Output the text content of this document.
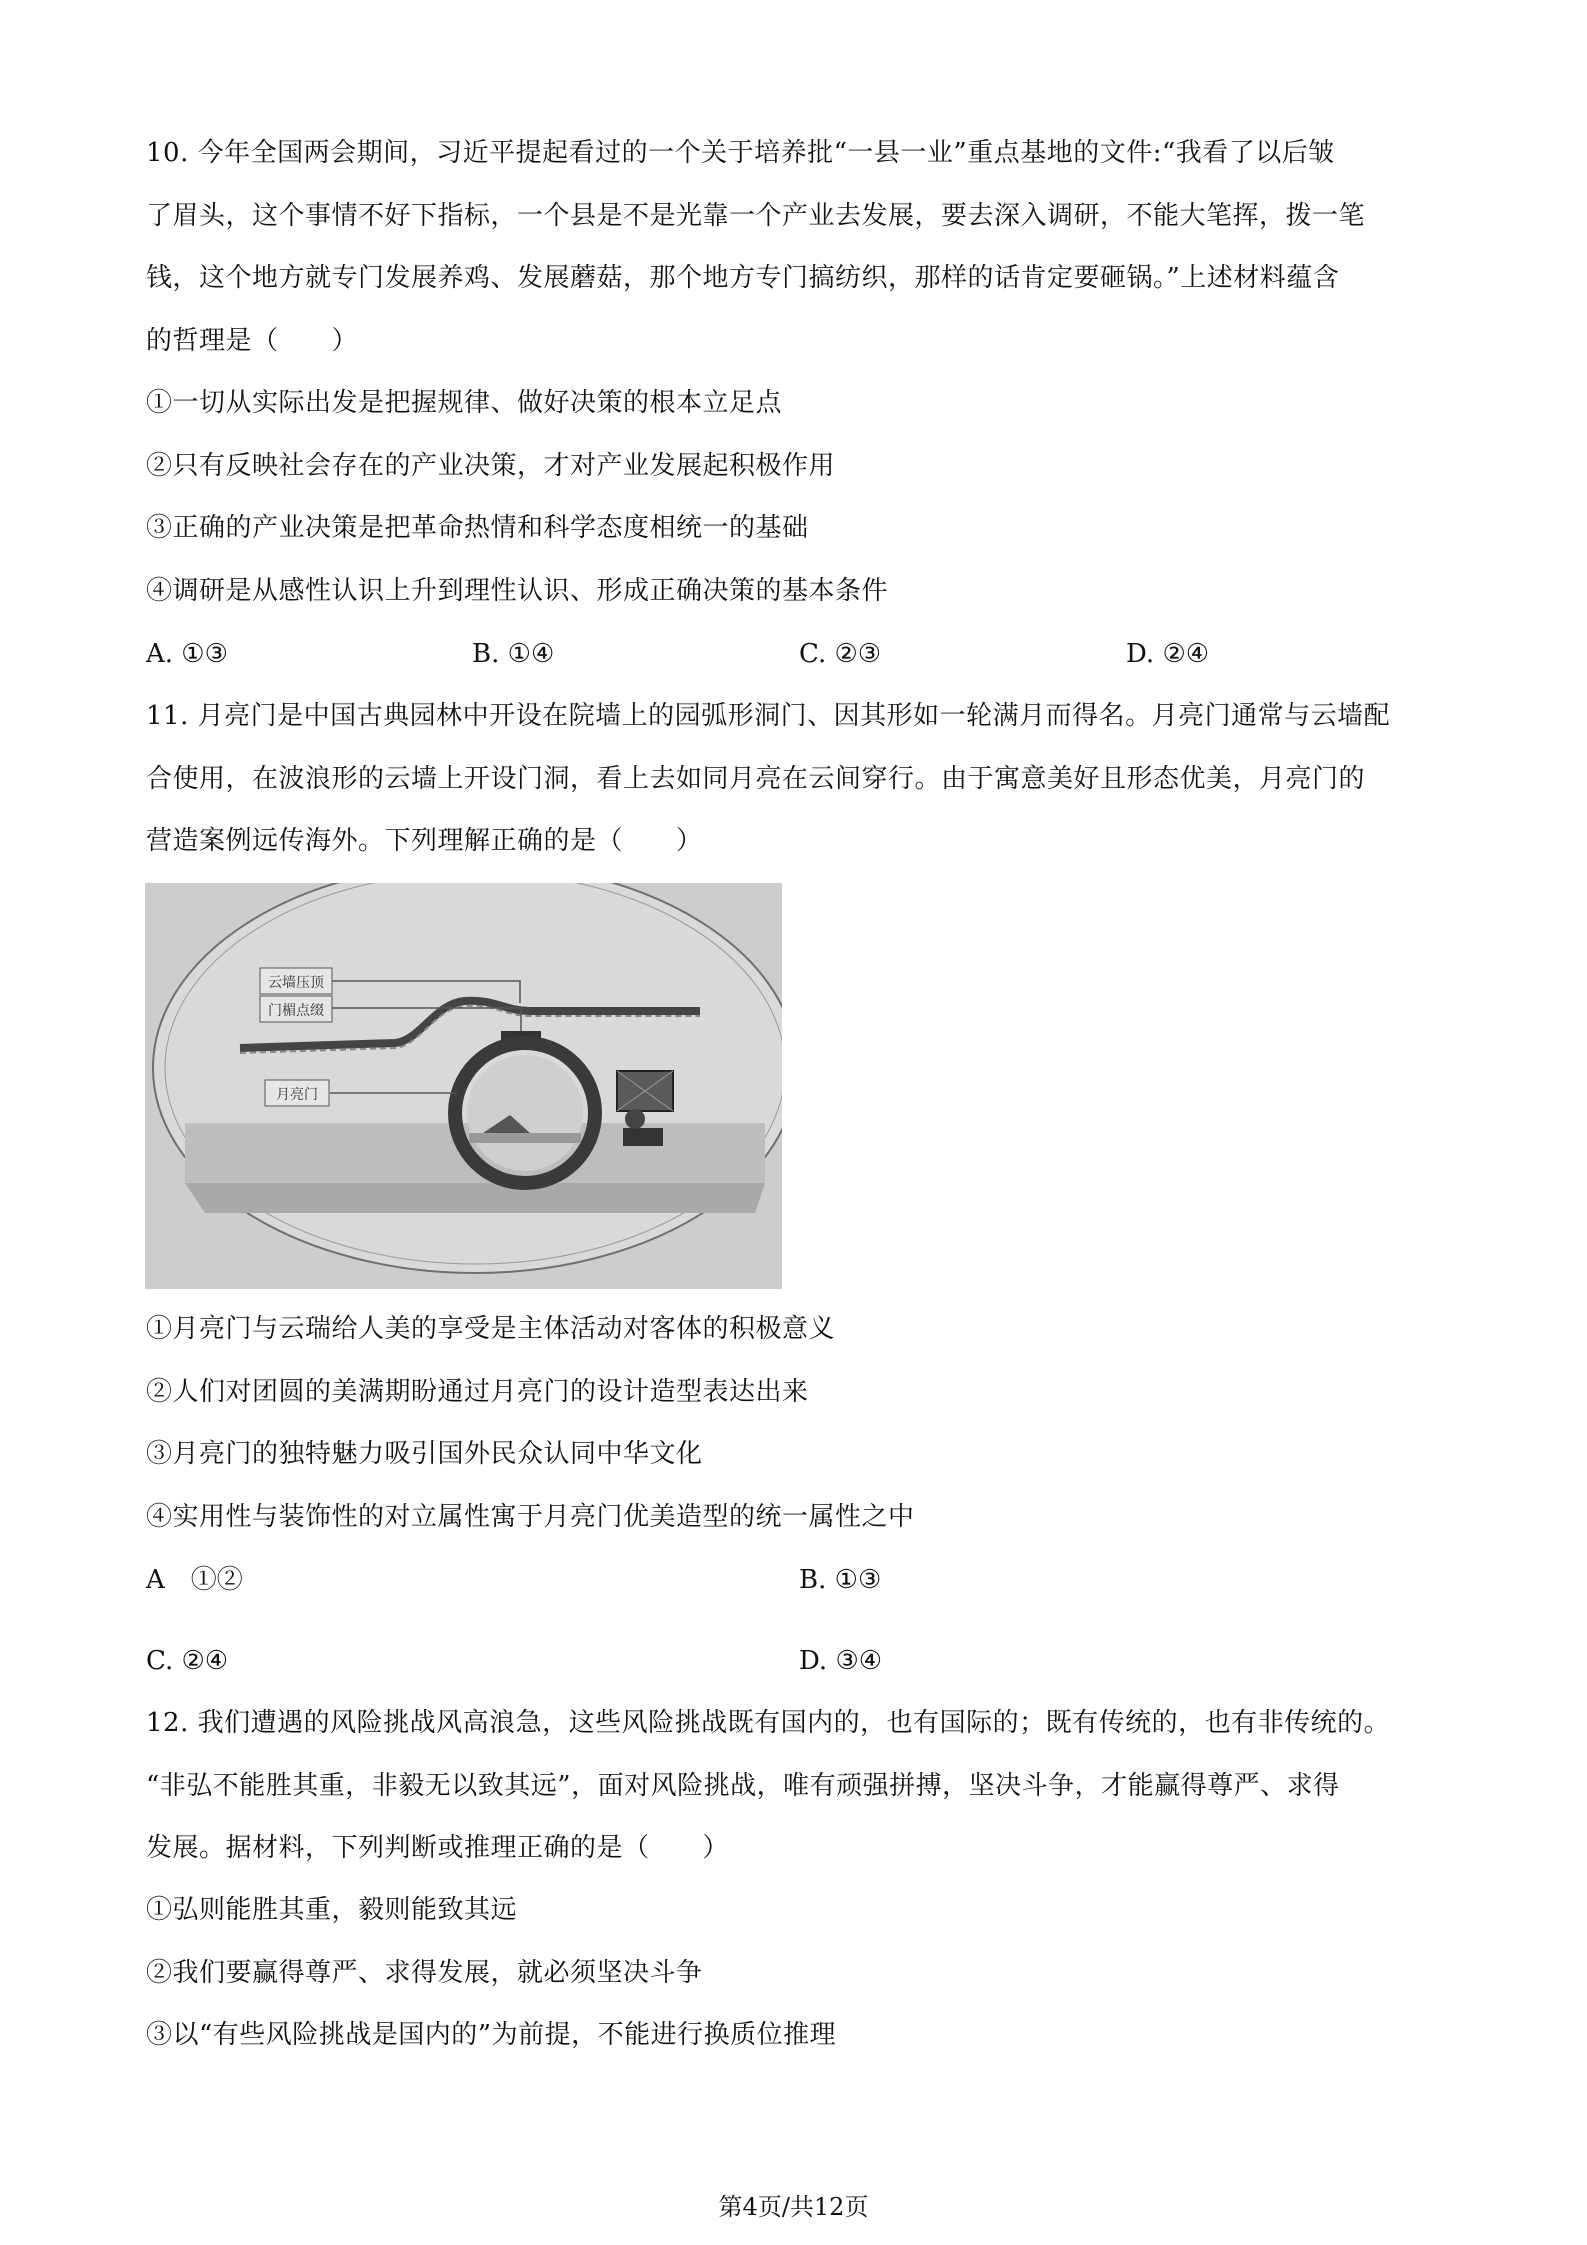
10. 今年全国两会期间，习近平提起看过的一个关于培养批“一县一业”重点基地的文件:“我看了以后皱
了眉头，这个事情不好下指标，一个县是不是光靠一个产业去发展，要去深入调研，不能大笔挥，拨一笔
钱，这个地方就专门发展养鸡、发展蘑菇，那个地方专门搞纺织，那样的话肯定要砸锅。”上述材料蕴含
的哲理是（　　）
①一切从实际出发是把握规律、做好决策的根本立足点
②只有反映社会存在的产业决策，才对产业发展起积极作用
③正确的产业决策是把革命热情和科学态度相统一的基础
④调研是从感性认识上升到理性认识、形成正确决策的基本条件
A. ①③	B. ①④	C. ②③	D. ②④
11. 月亮门是中国古典园林中开设在院墙上的园弧形洞门、因其形如一轮满月而得名。月亮门通常与云墙配
合使用，在波浪形的云墙上开设门洞，看上去如同月亮在云间穿行。由于寓意美好且形态优美，月亮门的
营造案例远传海外。下列理解正确的是（　　）
云墙压顶
门楣点缀
月亮门
①月亮门与云瑞给人美的享受是主体活动对客体的积极意义
②人们对团圆的美满期盼通过月亮门的设计造型表达出来
③月亮门的独特魅力吸引国外民众认同中华文化
④实用性与装饰性的对立属性寓于月亮门优美造型的统一属性之中
A　①②	B. ①③
C. ②④	D. ③④
12. 我们遭遇的风险挑战风高浪急，这些风险挑战既有国内的，也有国际的；既有传统的，也有非传统的。
“非弘不能胜其重，非毅无以致其远”，面对风险挑战，唯有顽强拼搏，坚决斗争，才能赢得尊严、求得
发展。据材料，下列判断或推理正确的是（　　）
①弘则能胜其重，毅则能致其远
②我们要赢得尊严、求得发展，就必须坚决斗争
③以“有些风险挑战是国内的”为前提，不能进行换质位推理
第4页/共12页
